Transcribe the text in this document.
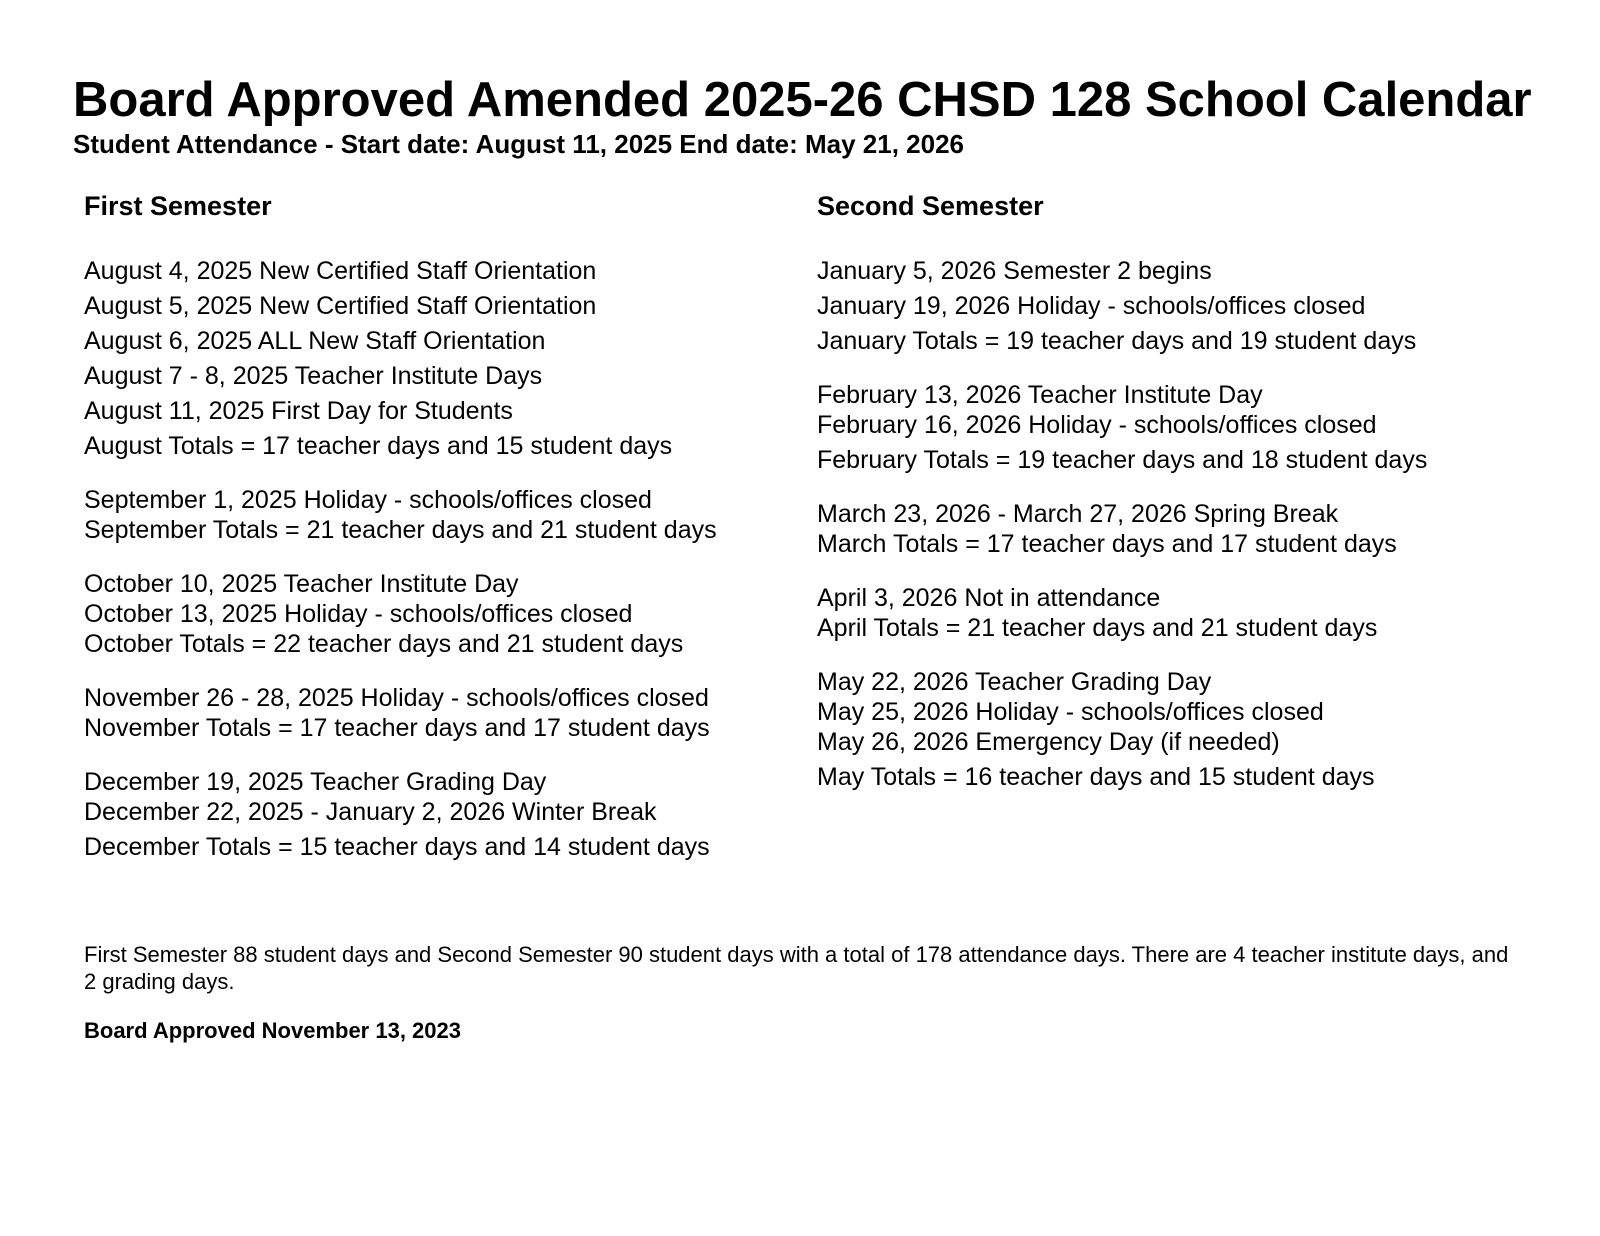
Board Approved Amended 2025-26 CHSD 128 School Calendar
Student Attendance - Start date: August 11, 2025 End date: May 21, 2026
First Semester
August 4, 2025 New Certified Staff Orientation
August 5, 2025 New Certified Staff Orientation
August 6, 2025 ALL New Staff Orientation
August 7 - 8, 2025 Teacher Institute Days
August 11, 2025 First Day for Students
August Totals = 17 teacher days and 15 student days
September 1, 2025 Holiday - schools/offices closed
September Totals = 21 teacher days and 21 student days
October 10, 2025 Teacher Institute Day
October 13, 2025 Holiday - schools/offices closed
October Totals = 22 teacher days and 21 student days
November 26 - 28, 2025 Holiday - schools/offices closed
November Totals = 17 teacher days and 17 student days
December 19, 2025 Teacher Grading Day
December 22, 2025 - January 2, 2026 Winter Break
December Totals = 15 teacher days and 14 student days
Second Semester
January 5, 2026 Semester 2 begins
January 19, 2026 Holiday - schools/offices closed
January Totals = 19 teacher days and 19 student days
February 13, 2026 Teacher Institute Day
February 16, 2026 Holiday - schools/offices closed
February Totals = 19 teacher days and 18 student days
March 23, 2026 - March 27, 2026 Spring Break
March Totals = 17 teacher days and 17 student days
April 3, 2026 Not in attendance
April Totals = 21 teacher days and 21 student days
May 22, 2026 Teacher Grading Day
May 25, 2026 Holiday - schools/offices closed
May 26, 2026 Emergency Day (if needed)
May Totals = 16 teacher days and 15 student days

First Semester 88 student days and Second Semester 90 student days with a total of 178 attendance days. There are 4 teacher institute days, and 2 grading days.

Board Approved November 13, 2023
